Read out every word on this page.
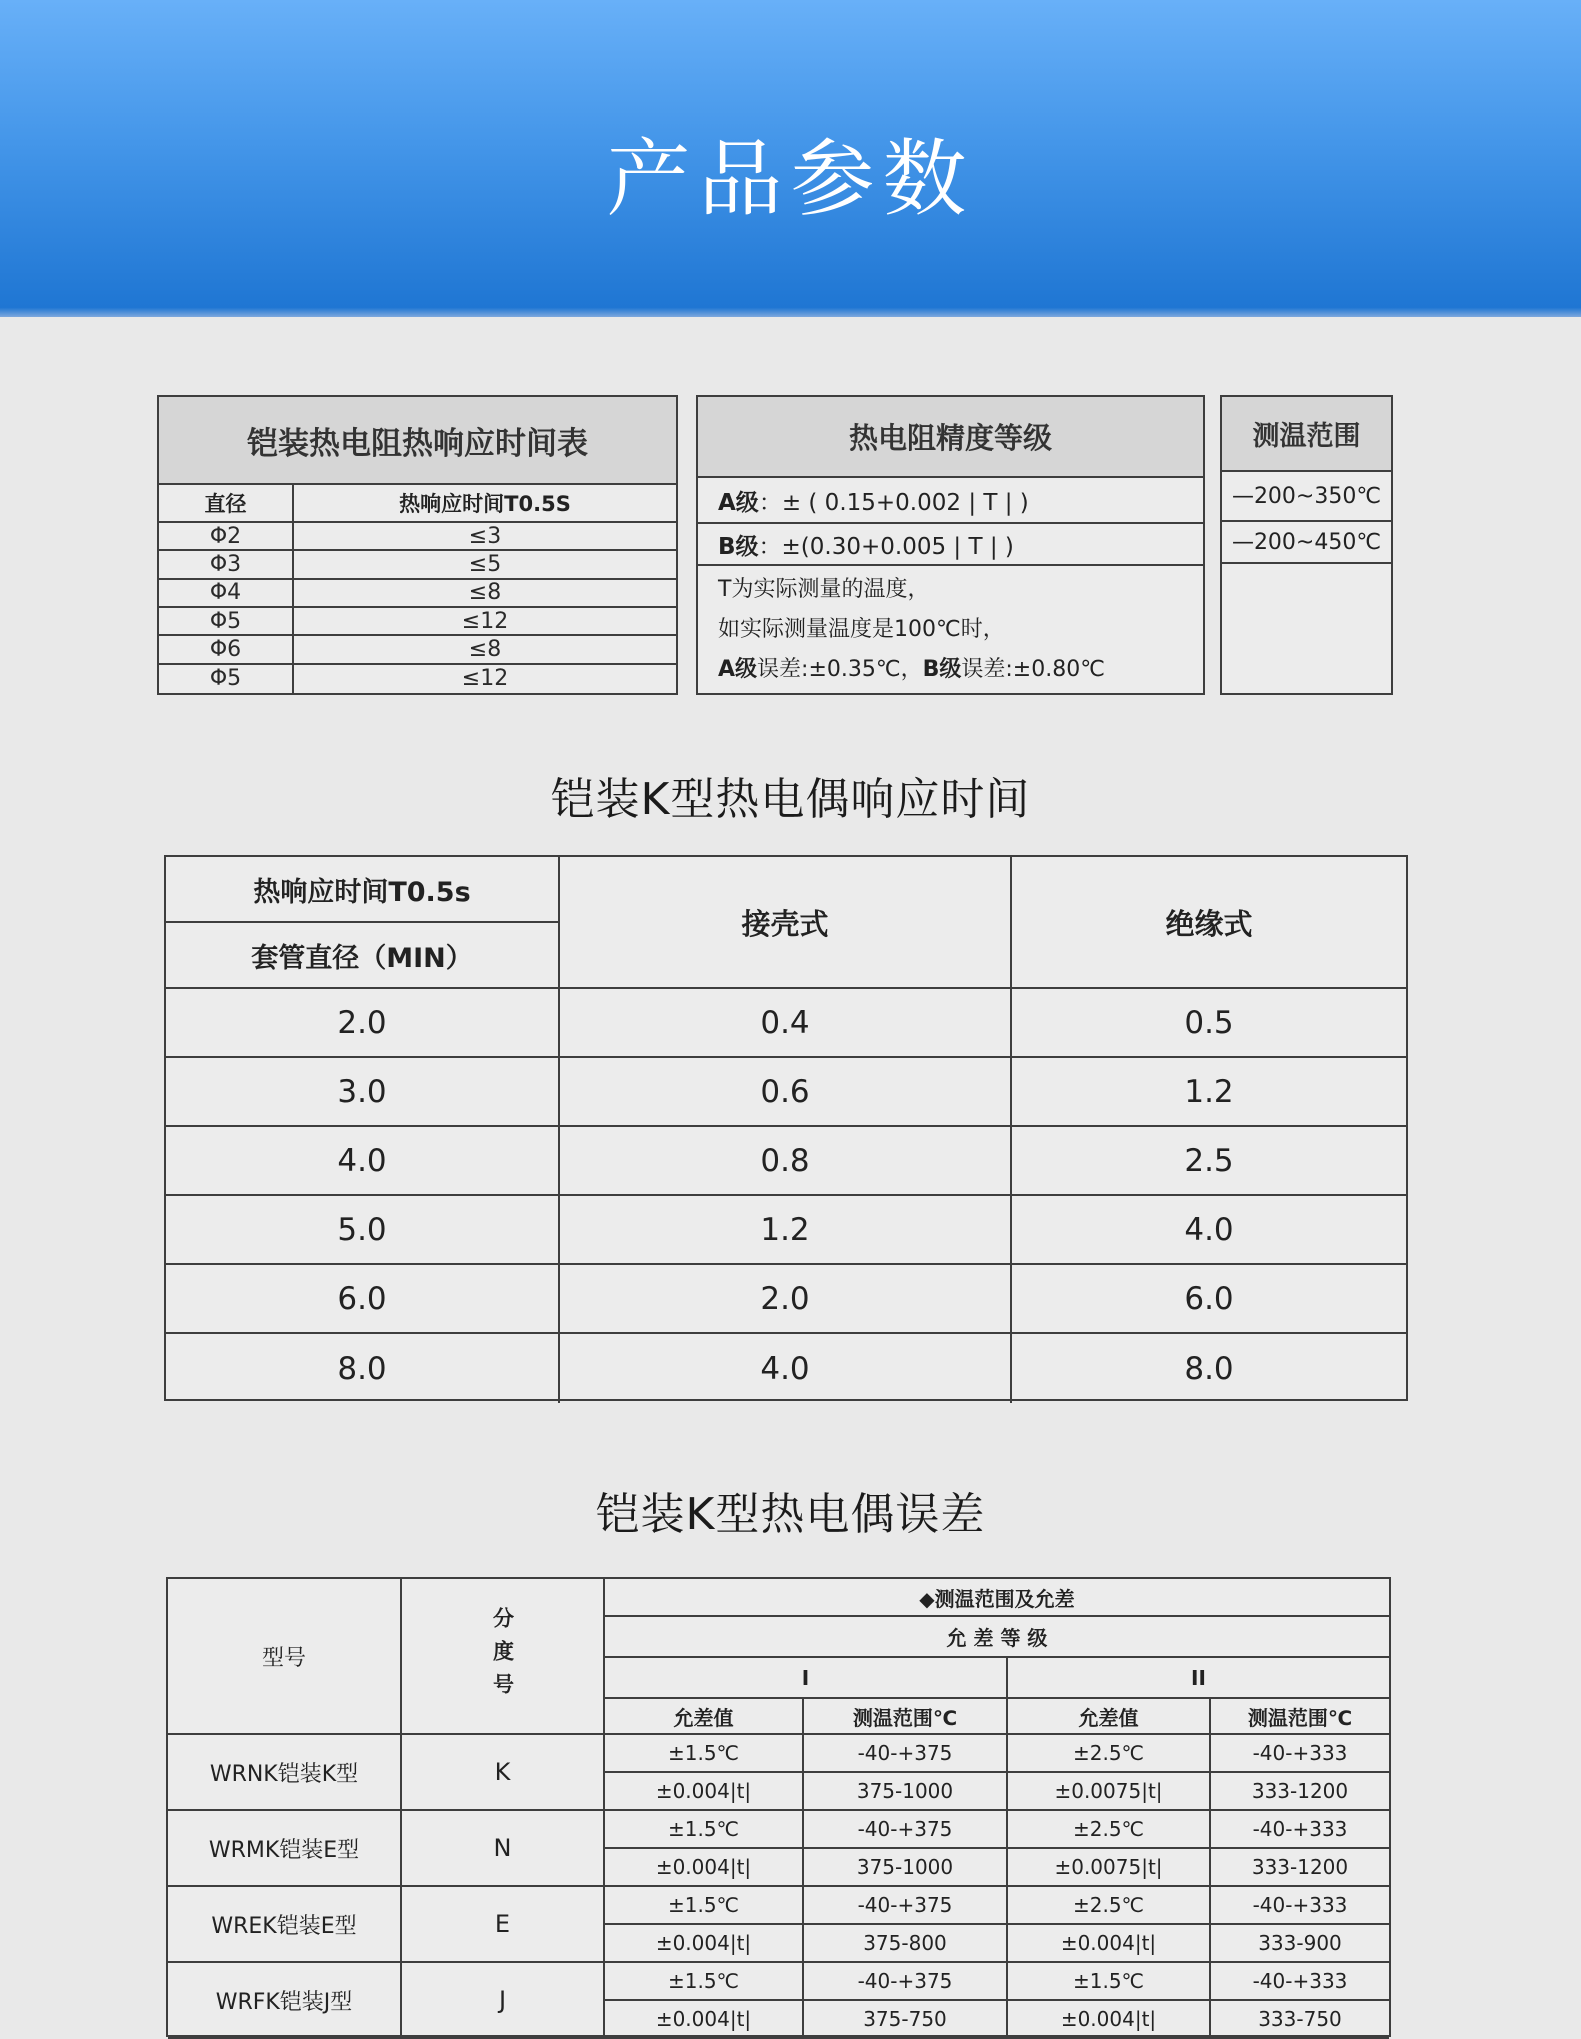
产品参数
铠装热电阻热响应时间表
直径	热响应时间T0.5S
Φ2	≤3
Φ3	≤5
Φ4	≤8
Φ5	≤12
Φ6	≤8
Φ5	≤12
热电阻精度等级
A级 ：± ( 0.15+0.002 | T | )
B级 ：±(0.30+0.005 | T | )
T为实际测量的温度，
如实际测量温度是100℃时，
A级误差:±0.35℃，B级误差:±0.80℃
测温范围
—200~350℃
—200~450℃
铠装K型热电偶响应时间
热响应时间T0.5s
接壳式	绝缘式
套管直径（MIN）
2.0	0.4	0.5
3.0	0.6	1.2
4.0	0.8	2.5
5.0	1.2	4.0
6.0	2.0	6.0
8.0	4.0	8.0
铠装K型热电偶误差
型号	分度号
◆测温范围及允差
允 差 等 级
I	II
允差值	测温范围℃	允差值	测温范围℃
WRNK铠装K型	K
±1.5℃	-40-+375	±2.5℃	-40-+333
±0.004|t|	375-1000	±0.0075|t|	333-1200
WRMK铠装E型	N
±1.5℃	-40-+375	±2.5℃	-40-+333
±0.004|t|	375-1000	±0.0075|t|	333-1200
WREK铠装E型	E
±1.5℃	-40-+375	±2.5℃	-40-+333
±0.004|t|	375-800	±0.004|t|	333-900
WRFK铠装J型	J
±1.5℃	-40-+375	±1.5℃	-40-+333
±0.004|t|	375-750	±0.004|t|	333-750
